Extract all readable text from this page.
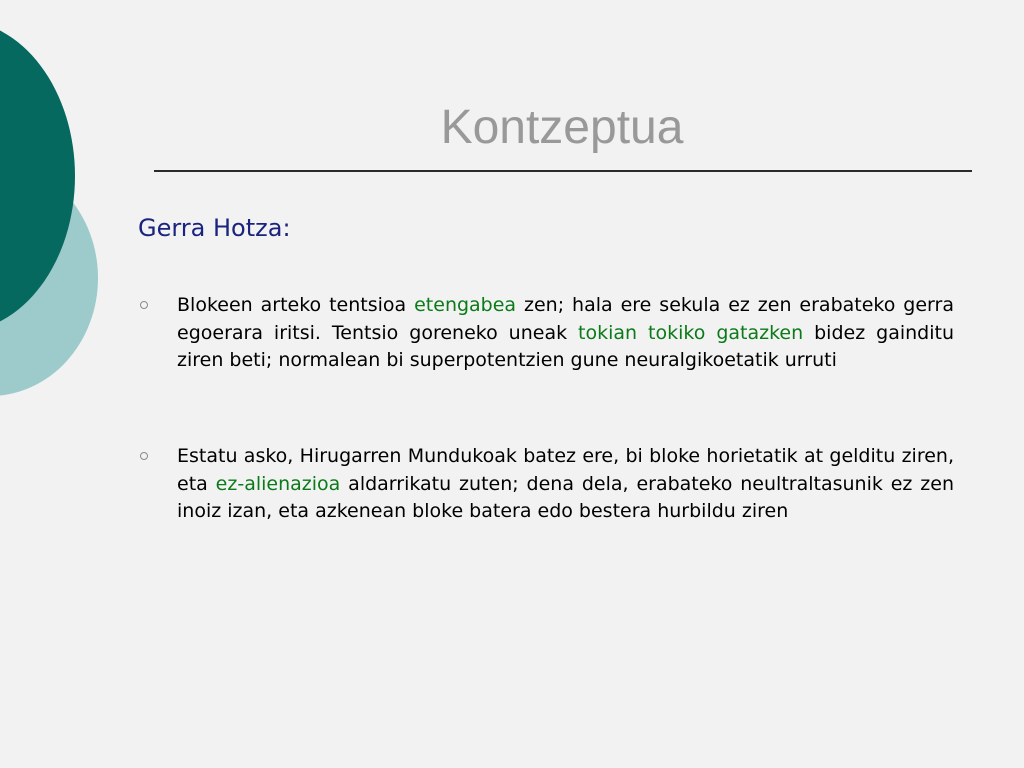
Kontzeptua
Gerra Hotza:
Blokeen arteko tentsioa etengabea zen; hala ere sekula ez zen erabateko gerra egoerara iritsi. Tentsio goreneko uneak tokian tokiko gatazken bidez gainditu ziren beti; normalean bi superpotentzien gune neuralgikoetatik urruti
Estatu asko, Hirugarren Mundukoak batez ere, bi bloke horietatik at gelditu ziren, eta ez-alienazioa aldarrikatu zuten; dena dela, erabateko neultraltasunik ez zen inoiz izan, eta azkenean bloke batera edo bestera hurbildu ziren
